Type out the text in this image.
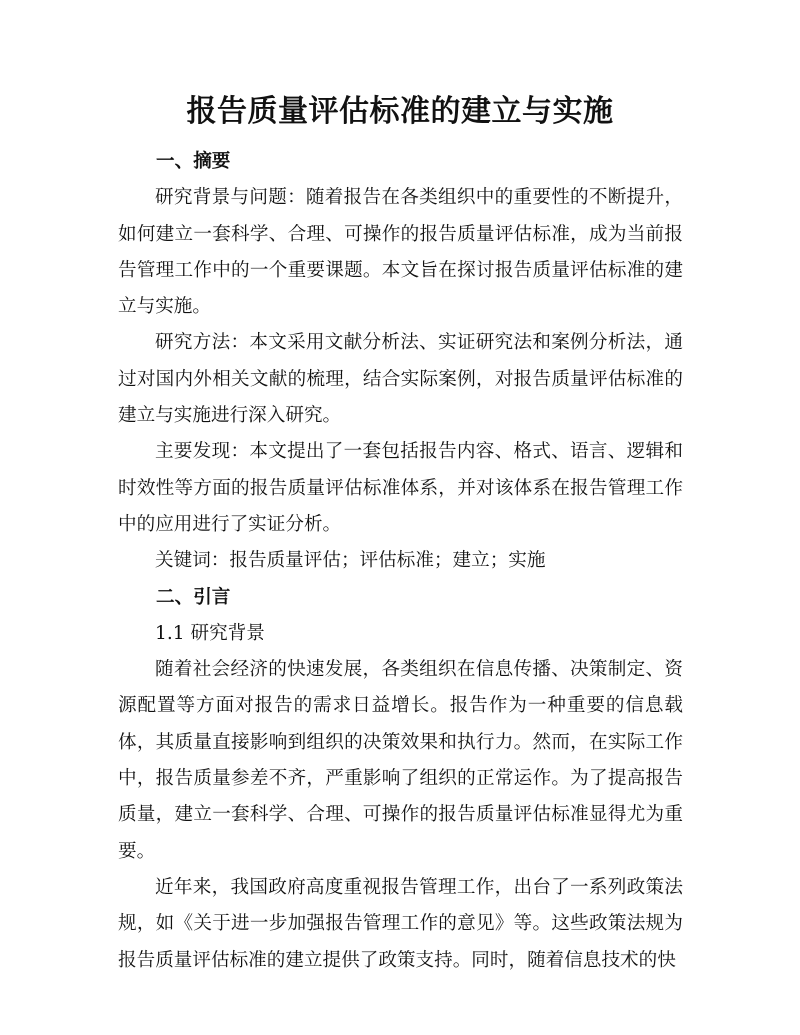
报告质量评估标准的建立与实施

一、摘要

研究背景与问题：随着报告在各类组织中的重要性的不断提升，如何建立一套科学、合理、可操作的报告质量评估标准，成为当前报告管理工作中的一个重要课题。本文旨在探讨报告质量评估标准的建立与实施。

研究方法：本文采用文献分析法、实证研究法和案例分析法，通过对国内外相关文献的梳理，结合实际案例，对报告质量评估标准的建立与实施进行深入研究。

主要发现：本文提出了一套包括报告内容、格式、语言、逻辑和时效性等方面的报告质量评估标准体系，并对该体系在报告管理工作中的应用进行了实证分析。

关键词：报告质量评估；评估标准；建立；实施

二、引言

1.1 研究背景

随着社会经济的快速发展，各类组织在信息传播、决策制定、资源配置等方面对报告的需求日益增长。报告作为一种重要的信息载体，其质量直接影响到组织的决策效果和执行力。然而，在实际工作中，报告质量参差不齐，严重影响了组织的正常运作。为了提高报告质量，建立一套科学、合理、可操作的报告质量评估标准显得尤为重要。

近年来，我国政府高度重视报告管理工作，出台了一系列政策法规，如《关于进一步加强报告管理工作的意见》等。这些政策法规为报告质量评估标准的建立提供了政策支持。同时，随着信息技术的快
